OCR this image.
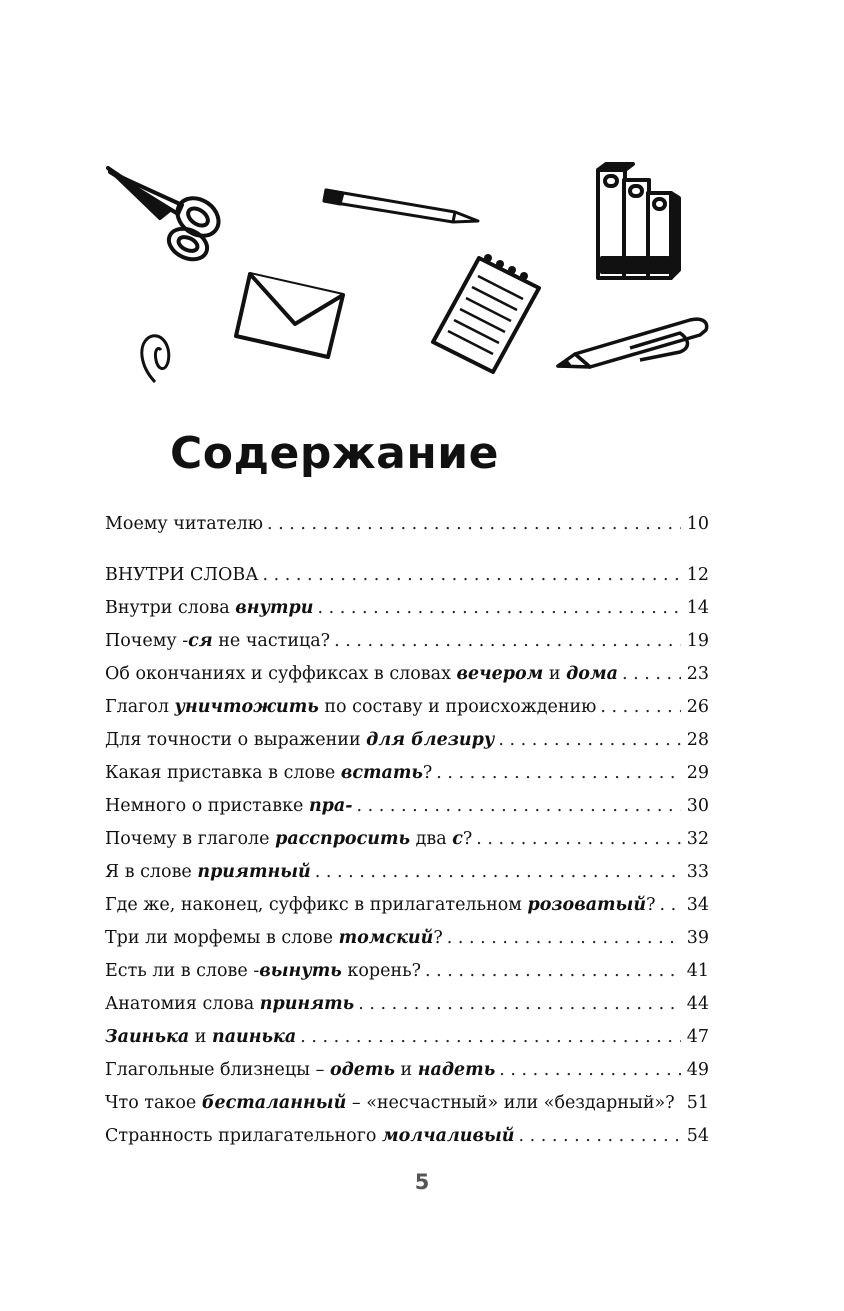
Содержание
Моему читателю . . .	10
ВНУТРИ СЛОВА . . .	12
Внутри слова внутри . . .	14
Почему -ся не частица? . . .	19
Об окончаниях и суффиксах в словах вечером и дома . . .	23
Глагол уничтожить по составу и происхождению . . .	26
Для точности о выражении для блезиру . . .	28
Какая приставка в слове встать? . . .	29
Немного о приставке пра- . . .	30
Почему в глаголе расспросить два с? . . .	32
Я в слове приятный . . .	33
Где же, наконец, суффикс в прилагательном розоватый? . . . 34
Три ли морфемы в слове томский? . . .	39
Есть ли в слове -вынуть корень? . . .	41
Анатомия слова принять . . .	44
Заинька и паинька . . .	47
Глагольные близнецы – одеть и надеть . . .	49
Что такое бесталанный – «несчастный» или «бездарный»? 51
Странность прилагательного молчаливый . . .	54
5
